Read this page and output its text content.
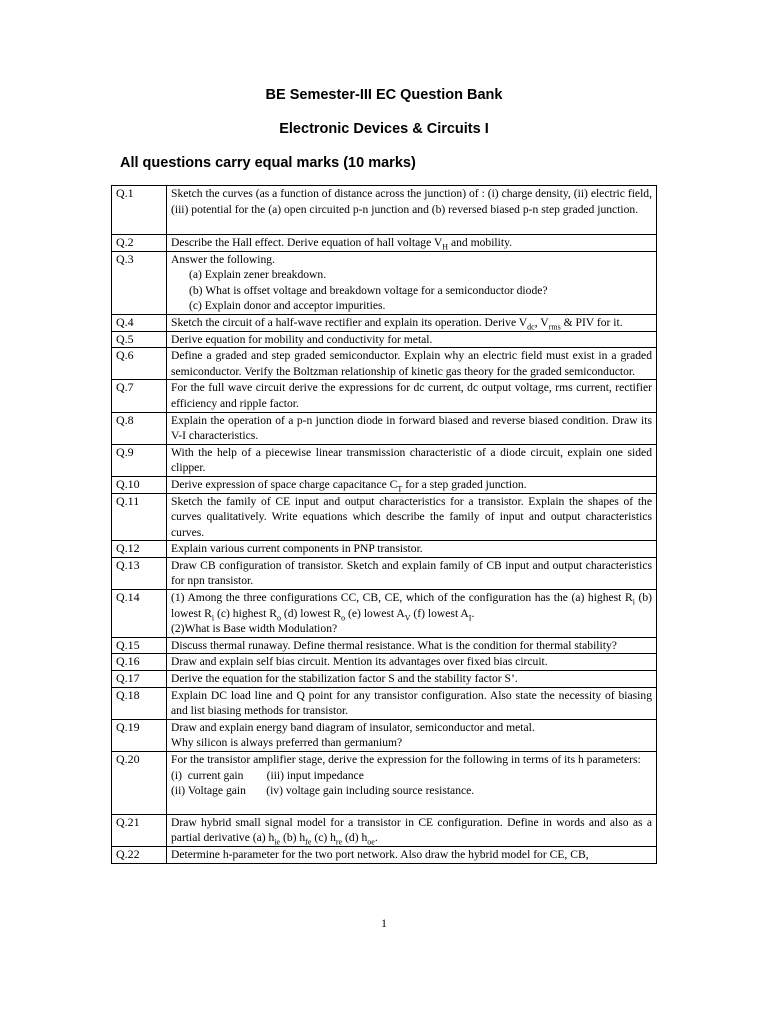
BE Semester-III EC Question Bank
Electronic Devices & Circuits I
All questions carry equal marks (10 marks)
Q.1	Sketch the curves (as a function of distance across the junction) of : (i) charge density, (ii) electric field, (iii) potential for the (a) open circuited p-n junction and (b) reversed biased p-n step graded junction.
Q.2	Describe the Hall effect. Derive equation of hall voltage $V_H$ and mobility.
Q.3	Answer the following.
(a) Explain zener breakdown.
(b) What is offset voltage and breakdown voltage for a semiconductor diode?
(c) Explain donor and acceptor impurities.

Q.4	Sketch the circuit of a half-wave rectifier and explain its operation. Derive $V_{dc}$, $V_{rms}$ & PIV for it.
Q.5	Derive equation for mobility and conductivity for metal.
Q.6	Define a graded and step graded semiconductor. Explain why an electric field must exist in a graded semiconductor. Verify the Boltzman relationship of kinetic gas theory for the graded semiconductor.
Q.7	For the full wave circuit derive the expressions for dc current, dc output voltage, rms current, rectifier efficiency and ripple factor.
Q.8	Explain the operation of a p-n junction diode in forward biased and reverse biased condition. Draw its V-I characteristics.
Q.9	With the help of a piecewise linear transmission characteristic of a diode circuit, explain one sided clipper.
Q.10	Derive expression of space charge capacitance $C_T$ for a step graded junction.
Q.11	Sketch the family of CE input and output characteristics for a transistor. Explain the shapes of the curves qualitatively. Write equations which describe the family of input and output characteristics curves.
Q.12	Explain various current components in PNP transistor.
Q.13	Draw CB configuration of transistor. Sketch and explain family of CB input and output characteristics for npn transistor.
Q.14	(1) Among the three configurations CC, CB, CE, which of the configuration has the (a) highest $R_i$ (b) lowest $R_i$ (c) highest $R_o$ (d) lowest $R_o$ (e) lowest $A_V$ (f) lowest $A_I$.
(2)What is Base width Modulation?

Q.15	Discuss thermal runaway. Define thermal resistance. What is the condition for thermal stability?
Q.16	Draw and explain self bias circuit. Mention its advantages over fixed bias circuit.
Q.17	Derive the equation for the stabilization factor S and the stability factor S’.
Q.18	Explain DC load line and Q point for any transistor configuration. Also state the necessity of biasing and list biasing methods for transistor.
Q.19	Draw and explain energy band diagram of insulator, semiconductor and metal.
Why silicon is always preferred than germanium?

Q.20	For the transistor amplifier stage, derive the expression for the following in terms of its h parameters:
(i)  current gain        (iii) input impedance
(ii) Voltage gain       (iv) voltage gain including source resistance.

Q.21	Draw hybrid small signal model for a transistor in CE configuration. Define in words and also as a partial derivative (a) $h_{ie}$ (b) $h_{fe}$ (c) $h_{re}$ (d) $h_{oe}$.
Q.22	Determine h-parameter for the two port network. Also draw the hybrid model for CE, CB,
1
